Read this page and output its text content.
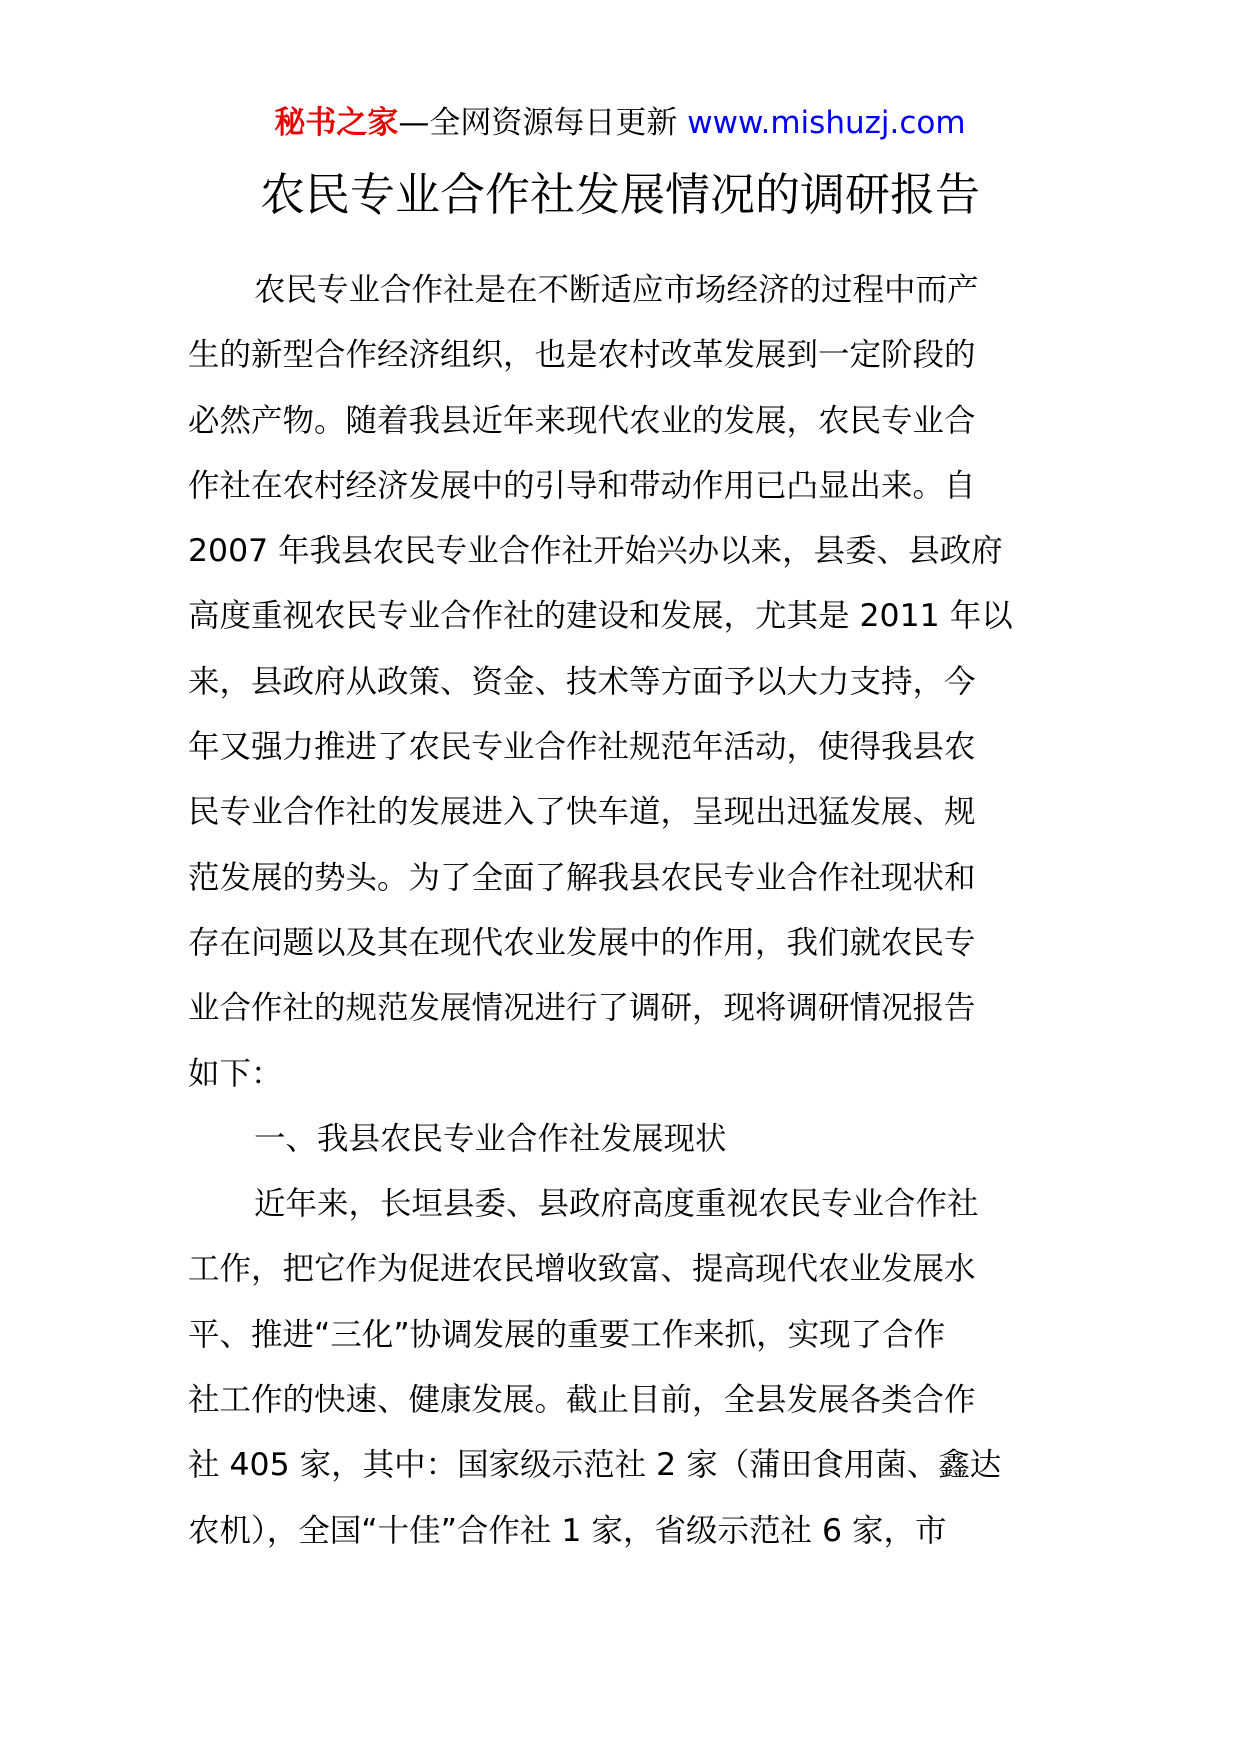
秘书之家—全网资源每日更新 www.mishuzj.com
农民专业合作社发展情况的调研报告

农民专业合作社是在不断适应市场经济的过程中而产

生的新型合作经济组织，也是农村改革发展到一定阶段的

必然产物。随着我县近年来现代农业的发展，农民专业合

作社在农村经济发展中的引导和带动作用已凸显出来。自

2007 年我县农民专业合作社开始兴办以来，县委、县政府

高度重视农民专业合作社的建设和发展，尤其是 2011 年以

来，县政府从政策、资金、技术等方面予以大力支持，今

年又强力推进了农民专业合作社规范年活动，使得我县农

民专业合作社的发展进入了快车道，呈现出迅猛发展、规

范发展的势头。为了全面了解我县农民专业合作社现状和

存在问题以及其在现代农业发展中的作用，我们就农民专

业合作社的规范发展情况进行了调研，现将调研情况报告

如下：

一、我县农民专业合作社发展现状

近年来，长垣县委、县政府高度重视农民专业合作社

工作，把它作为促进农民增收致富、提高现代农业发展水

平、推进“三化”协调发展的重要工作来抓，实现了合作

社工作的快速、健康发展。截止目前，全县发展各类合作

社 405 家，其中：国家级示范社 2 家（蒲田食用菌、鑫达

农机），全国“十佳”合作社 1 家，省级示范社 6 家，市
